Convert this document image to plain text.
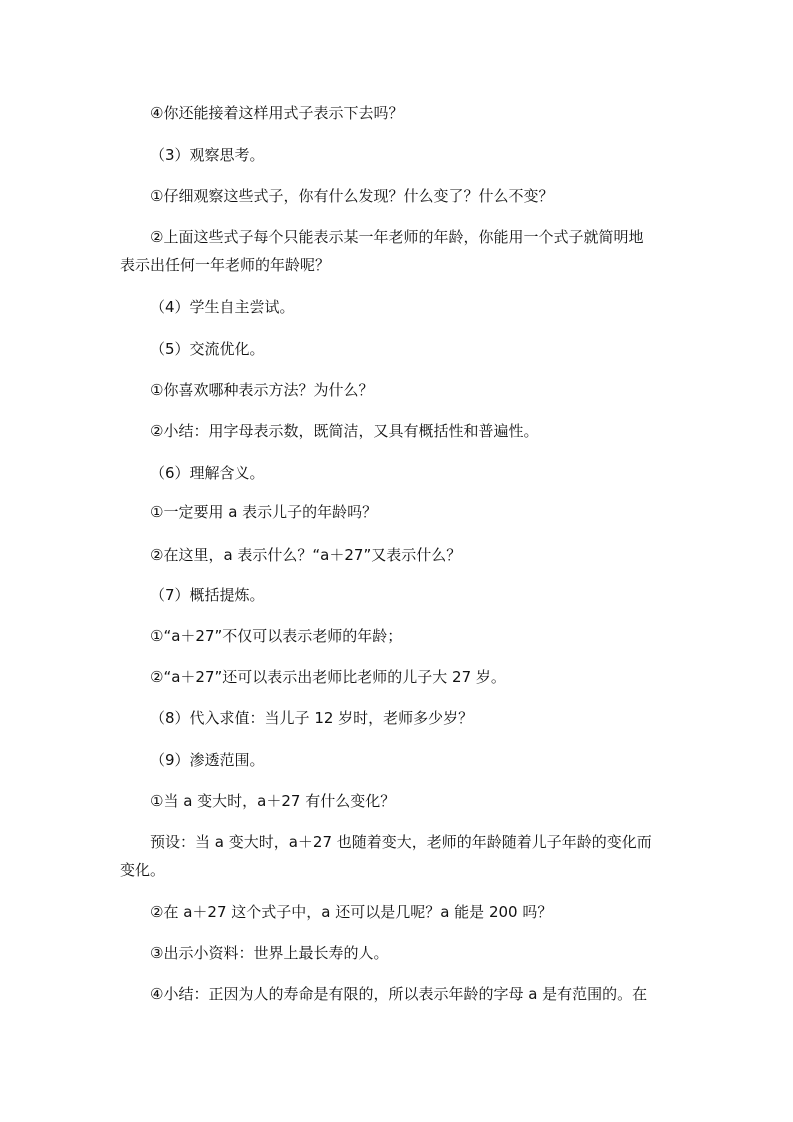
④你还能接着这样用式子表示下去吗？
（3）观察思考。
①仔细观察这些式子，你有什么发现？什么变了？什么不变？
②上面这些式子每个只能表示某一年老师的年龄，你能用一个式子就简明地
表示出任何一年老师的年龄呢？
（4）学生自主尝试。
（5）交流优化。
①你喜欢哪种表示方法？为什么？
②小结：用字母表示数，既简洁，又具有概括性和普遍性。
（6）理解含义。
①一定要用 a 表示儿子的年龄吗？
②在这里，a 表示什么？“a＋27”又表示什么？
（7）概括提炼。
①“a＋27”不仅可以表示老师的年龄；
②“a＋27”还可以表示出老师比老师的儿子大 27 岁。
（8）代入求值：当儿子 12 岁时，老师多少岁？
（9）渗透范围。
①当 a 变大时，a＋27 有什么变化？
预设：当 a 变大时，a＋27 也随着变大，老师的年龄随着儿子年龄的变化而
变化。
②在 a＋27 这个式子中，a 还可以是几呢？a 能是 200 吗？
③出示小资料：世界上最长寿的人。
④小结：正因为人的寿命是有限的，所以表示年龄的字母 a 是有范围的。在
